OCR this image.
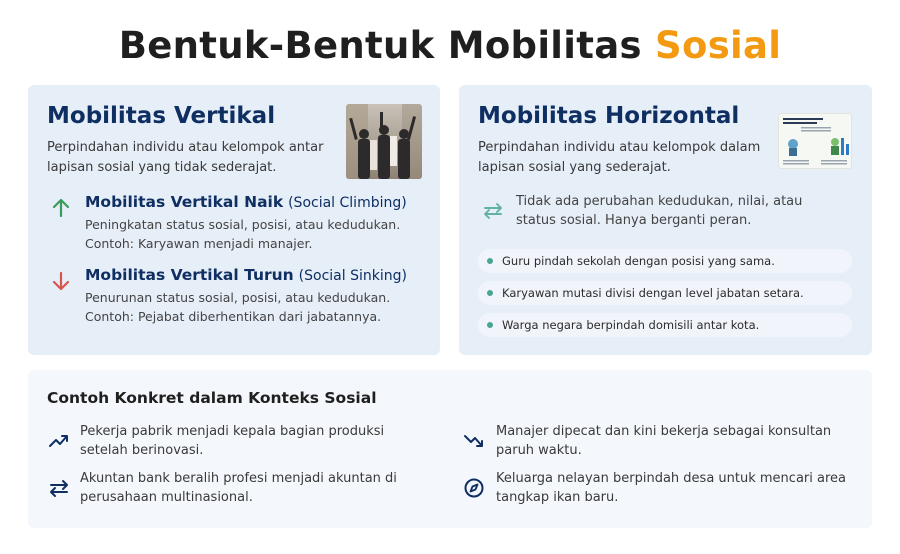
Bentuk-Bentuk Mobilitas Sosial
Mobilitas Vertikal
Perpindahan individu atau kelompok antar lapisan sosial yang tidak sederajat.
Mobilitas Vertikal Naik (Social Climbing)
Peningkatan status sosial, posisi, atau kedudukan.
Contoh: Karyawan menjadi manajer.
Mobilitas Vertikal Turun (Social Sinking)
Penurunan status sosial, posisi, atau kedudukan.
Contoh: Pejabat diberhentikan dari jabatannya.
Mobilitas Horizontal
Perpindahan individu atau kelompok dalam lapisan sosial yang sederajat.
Tidak ada perubahan kedudukan, nilai, atau status sosial. Hanya berganti peran.
Guru pindah sekolah dengan posisi yang sama.
Karyawan mutasi divisi dengan level jabatan setara.
Warga negara berpindah domisili antar kota.
Contoh Konkret dalam Konteks Sosial
Pekerja pabrik menjadi kepala bagian produksi setelah berinovasi.
Manajer dipecat dan kini bekerja sebagai konsultan paruh waktu.
Akuntan bank beralih profesi menjadi akuntan di perusahaan multinasional.
Keluarga nelayan berpindah desa untuk mencari area tangkap ikan baru.
